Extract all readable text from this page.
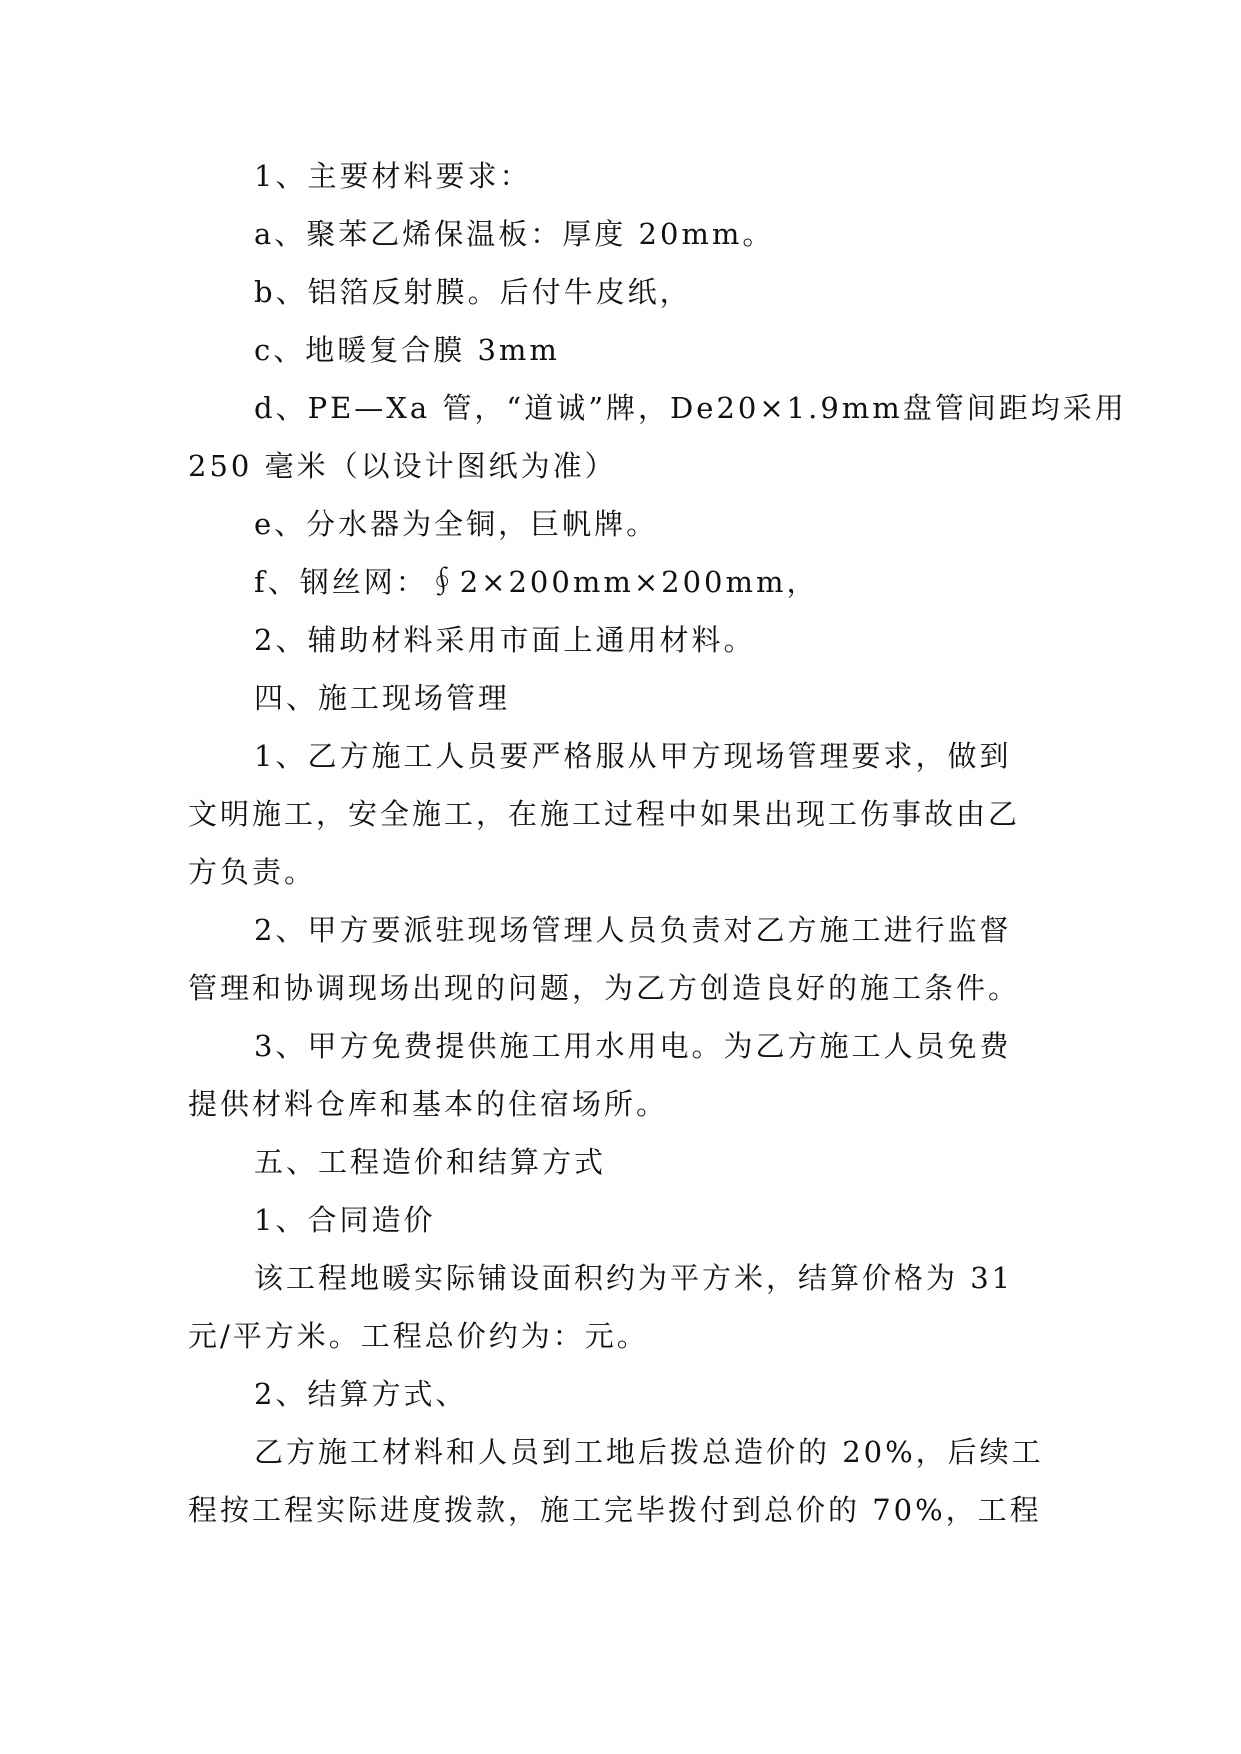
1、主要材料要求：

a、聚苯乙烯保温板：厚度 20mm。

b、铝箔反射膜。后付牛皮纸，

c、地暖复合膜 3mm

d、PE—Xa 管，“道诚”牌，De20×1.9mm盘管间距均采用

250 毫米（以设计图纸为准）

e、分水器为全铜，巨帆牌。

f、钢丝网：∮2×200mm×200mm，

2、辅助材料采用市面上通用材料。

四、施工现场管理

1、乙方施工人员要严格服从甲方现场管理要求，做到

文明施工，安全施工，在施工过程中如果出现工伤事故由乙

方负责。

2、甲方要派驻现场管理人员负责对乙方施工进行监督

管理和协调现场出现的问题，为乙方创造良好的施工条件。

3、甲方免费提供施工用水用电。为乙方施工人员免费

提供材料仓库和基本的住宿场所。

五、工程造价和结算方式

1、合同造价

该工程地暖实际铺设面积约为平方米，结算价格为 31

元/平方米。工程总价约为：元。

2、结算方式、

乙方施工材料和人员到工地后拨总造价的 20%，后续工

程按工程实际进度拨款，施工完毕拨付到总价的 70%，工程
